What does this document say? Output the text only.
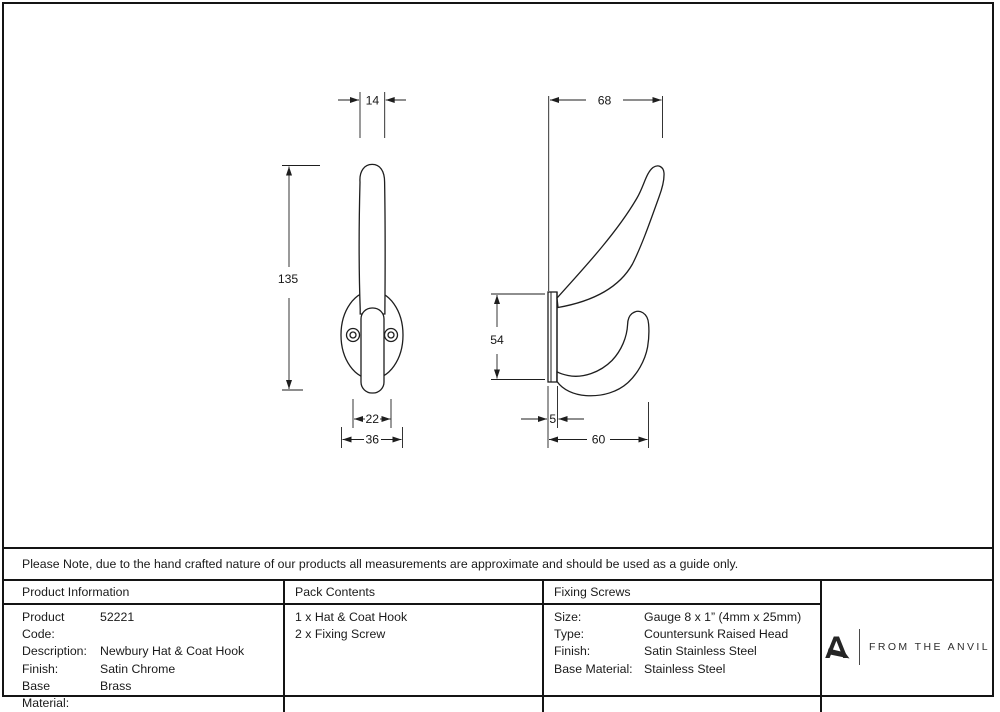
14
135
22
36
68
54
5
60
Please Note, due to the hand crafted nature of our products all measurements are approximate and should be used as a guide only.
Product Information	Pack Contents	Fixing Screws
FROM THE ANVIL
Product Code:
52221
Description:	Newbury Hat & Coat Hook
Finish:	Satin Chrome
Base Material:
Brass
1 x Hat & Coat Hook
2 x Fixing Screw
Size:	Gauge 8 x 1” (4mm x 25mm)
Type:	Countersunk Raised Head
Finish:	Satin Stainless Steel
Base Material: Stainless Steel
